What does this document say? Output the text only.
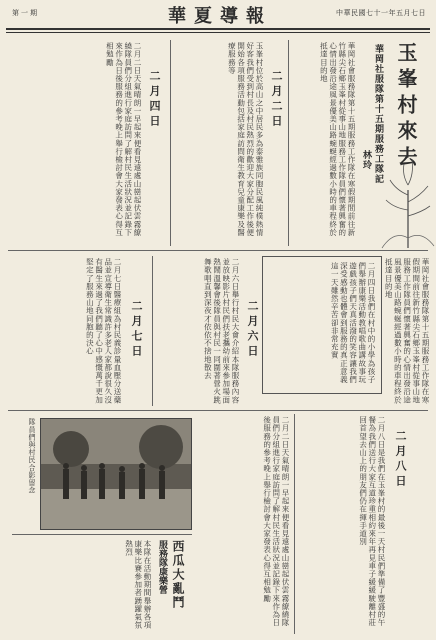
中華民國七十一年五月七日
華夏導報
第一期
玉峯村來去
華岡社服隊第十五期服務工隊記
林玲
華岡社會服務隊第十五期服務工作隊在寒假期間前往新竹縣尖石鄉玉峯村從事山地服務工作隊員們懷著興奮的心情出發沿途風景優美山路蜿蜒經過數小時的車程終於抵達目的地
二月二日
玉峯村位於高山之中居民多為泰雅族同胞民風純樸熱情好客我們受到村長及村民熱烈的歡迎大家分配工作後便開始各項服務活動包括家庭訪問衛生教育兒童康樂及醫療服務等
二月四日
二月二日天氣晴朗一早起來便看見遠處山巒起伏雲霧繚繞隊員們分組進行家庭訪問了解村民生活狀況並記錄下來作為日後服務的參考晚上舉行檢討會大家發表心得互相勉勵
二月四日我們在村中的小學為孩子們舉辦康樂活動教唱歌曲講故事玩遊戲孩子們天真活潑的笑容讓我們深受感動也體會到服務的真正意義這一天雖然辛苦卻非常充實	華岡社會服務隊第十五期服務工作隊在寒假期間前往新竹縣尖石鄉玉峯村從事山地服務工作隊員們懷著興奮的心情出發沿途風景優美山路蜿蜒經過數小時的車程終於抵達目的地
二月六日
二月六日舉行村民大會介紹本隊服務內容並放映影片村民們扶老攜幼前來參加場面熱鬧溫馨會後隊員與村民一同圍著營火跳舞歌唱直到深夜才依依不捨地散去
二月七日
二月七日醫療組為村民義診量血壓分送藥品並宣導衛生常識許多老人家都說很久沒有醫生來過了我們聽了心中感慨萬千更加堅定了服務山地同胞的決心
二月八日
二月八日是我們在玉峯村的最後一天村民們準備了豐盛的午餐為我們送行大家互道珍重相約來年再見車子緩緩駛離村莊回首望去山上的朋友們仍在揮手道別
二月二日天氣晴朗一早起來便看見遠處山巒起伏雲霧繚繞隊員們分組進行家庭訪問了解村民生活狀況並記錄下來作為日後服務的參考晚上舉行檢討會大家發表心得互相勉勵
隊員們與村民合影留念
西瓜大亂鬥
服務隊康樂營
本隊在活動期間舉辦各項康樂比賽參加者踴躍氣氛熱烈
